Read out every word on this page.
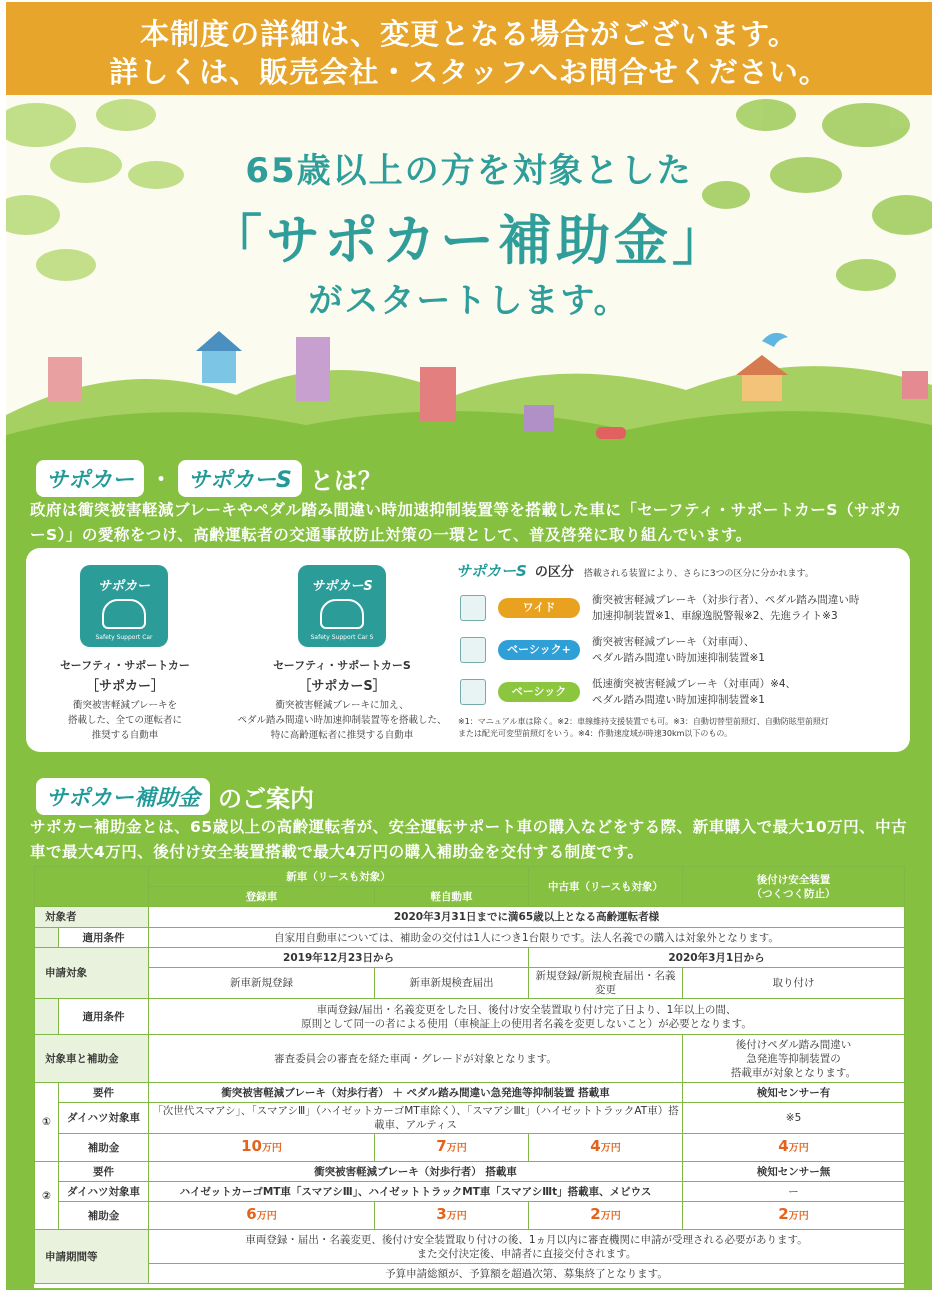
本制度の詳細は、変更となる場合がございます。
詳しくは、販売会社・スタッフへお問合せください。
65歳以上の方を対象とした
「サポカー補助金」
がスタートします。
サポカー ・ サポカーS とは？
政府は衝突被害軽減ブレーキやペダル踏み間違い時加速抑制装置等を搭載した車に「セーフティ・サポートカーS（サポカーS）」の愛称をつけ、高齢運転者の交通事故防止対策の一環として、普及啓発に取り組んでいます。
サポカー
Safety Support Car
セーフティ・サポートカー
［サポカー］
衝突被害軽減ブレーキを
搭載した、全ての運転者に
推奨する自動車
サポカーS
Safety Support Car S
セーフティ・サポートカーS
［サポカーS］
衝突被害軽減ブレーキに加え、
ペダル踏み間違い時加速抑制装置等を搭載した、
特に高齢運転者に推奨する自動車
サポカーS の区分 搭載される装置により、さらに3つの区分に分かれます。
ワイド
衝突被害軽減ブレーキ（対歩行者）、ペダル踏み間違い時
加速抑制装置※1、車線逸脱警報※2、先進ライト※3
ベーシック+
衝突被害軽減ブレーキ（対車両）、
ペダル踏み間違い時加速抑制装置※1
ベーシック
低速衝突被害軽減ブレーキ（対車両）※4、
ペダル踏み間違い時加速抑制装置※1
※1：マニュアル車は除く。※2：車線維持支援装置でも可。※3：自動切替型前照灯、自動防眩型前照灯
または配光可変型前照灯をいう。※4：作動速度域が時速30km以下のもの。
サポカー補助金 のご案内
サポカー補助金とは、65歳以上の高齢運転者が、安全運転サポート車の購入などをする際、新車購入で最大10万円、中古車で最大4万円、後付け安全装置搭載で最大4万円の購入補助金を交付する制度です。
		新車（リースも対象）		中古車（リースも対象）	後付け安全装置
（つくつく防止）
		登録車	軽自動車		
対象者		2020年3月31日までに満65歳以上となる高齢運転者様			
	適用条件	自家用自動車については、補助金の交付は1人につき1台限りです。法人名義での購入は対象外となります。			
申請対象		2019年12月23日から		2020年3月1日から	
		新車新規登録	新車新規検査届出	新規登録/新規検査届出・名義変更	取り付け
	適用条件	車両登録/届出・名義変更をした日、後付け安全装置取り付け完了日より、1年以上の間、
原則として同一の者による使用（車検証上の使用者名義を変更しないこと）が必要となります。			
対象車と補助金		審査委員会の審査を経た車両・グレードが対象となります。			後付けペダル踏み間違い
急発進等抑制装置の
搭載車が対象となります。
①	要件	衝突被害軽減ブレーキ（対歩行者） ＋ ペダル踏み間違い急発進等抑制装置 搭載車			検知センサー有
	ダイハツ対象車	「次世代スマアシ」、「スマアシⅢ」（ハイゼットカーゴMT車除く）、「スマアシⅢt」（ハイゼットトラックAT車）搭載車、アルティス			※5
	補助金	10万円	7万円	4万円	4万円
②	要件	衝突被害軽減ブレーキ（対歩行者） 搭載車			検知センサー無
	ダイハツ対象車	ハイゼットカーゴMT車「スマアシⅢ」、ハイゼットトラックMT車「スマアシⅢt」搭載車、メビウス			ー
	補助金	6万円	3万円	2万円	2万円
申請期間等		車両登録・届出・名義変更、後付け安全装置取り付けの後、1ヵ月以内に審査機関に申請が受理される必要があります。
また交付決定後、申請者に直接交付されます。			
		予算申請総額が、予算額を超過次第、募集終了となります。			
★サポカー補助金の詳細は、販売会社・スタッフまでお問合せください。※5：後付け安全装置「つくつく防止」の対象車は販売会社・スタッフまでお問合せください。
